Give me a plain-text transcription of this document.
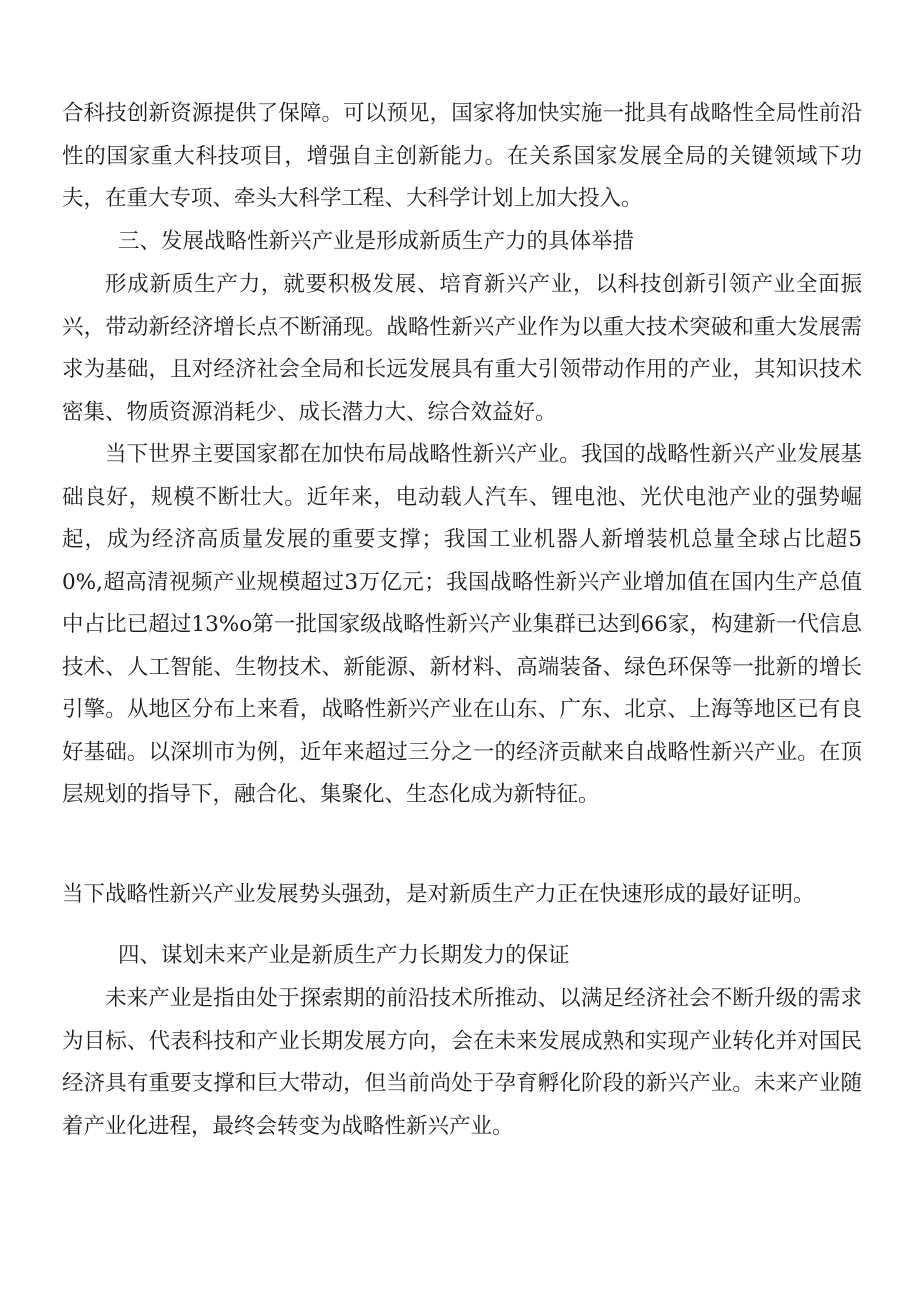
合科技创新资源提供了保障。可以预见，国家将加快实施一批具有战略性全局性前沿性的国家重大科技项目，增强自主创新能力。在关系国家发展全局的关键领域下功夫，在重大专项、牵头大科学工程、大科学计划上加大投入。

三、发展战略性新兴产业是形成新质生产力的具体举措

形成新质生产力，就要积极发展、培育新兴产业，以科技创新引领产业全面振兴，带动新经济增长点不断涌现。战略性新兴产业作为以重大技术突破和重大发展需求为基础，且对经济社会全局和长远发展具有重大引领带动作用的产业，其知识技术密集、物质资源消耗少、成长潜力大、综合效益好。

当下世界主要国家都在加快布局战略性新兴产业。我国的战略性新兴产业发展基础良好，规模不断壮大。近年来，电动载人汽车、锂电池、光伏电池产业的强势崛起，成为经济高质量发展的重要支撑；我国工业机器人新增装机总量全球占比超50%,超高清视频产业规模超过3万亿元；我国战略性新兴产业增加值在国内生产总值中占比已超过13%o第一批国家级战略性新兴产业集群已达到66家，构建新一代信息技术、人工智能、生物技术、新能源、新材料、高端装备、绿色环保等一批新的增长引擎。从地区分布上来看，战略性新兴产业在山东、广东、北京、上海等地区已有良好基础。以深圳市为例，近年来超过三分之一的经济贡献来自战略性新兴产业。在顶层规划的指导下，融合化、集聚化、生态化成为新特征。

当下战略性新兴产业发展势头强劲，是对新质生产力正在快速形成的最好证明。

四、谋划未来产业是新质生产力长期发力的保证

未来产业是指由处于探索期的前沿技术所推动、以满足经济社会不断升级的需求为目标、代表科技和产业长期发展方向，会在未来发展成熟和实现产业转化并对国民经济具有重要支撑和巨大带动，但当前尚处于孕育孵化阶段的新兴产业。未来产业随着产业化进程，最终会转变为战略性新兴产业。
